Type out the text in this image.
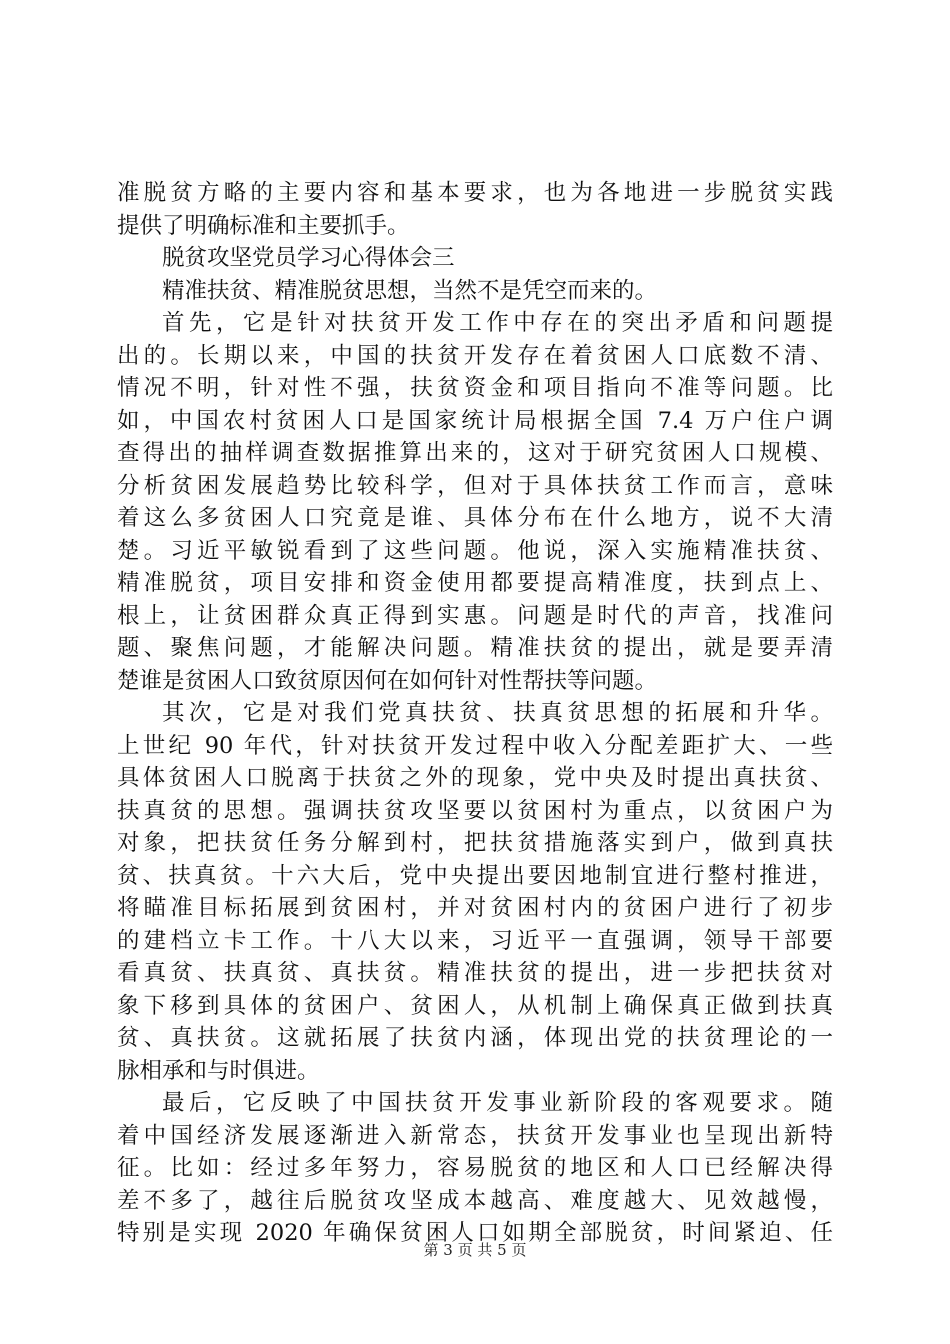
准脱贫方略的主要内容和基本要求，也为各地进一步脱贫实践
提供了明确标准和主要抓手。
脱贫攻坚党员学习心得体会三
精准扶贫、精准脱贫思想，当然不是凭空而来的。
首先，它是针对扶贫开发工作中存在的突出矛盾和问题提
出的。长期以来，中国的扶贫开发存在着贫困人口底数不清、
情况不明，针对性不强，扶贫资金和项目指向不准等问题。比
如，中国农村贫困人口是国家统计局根据全国 7.4 万户住户调
查得出的抽样调查数据推算出来的，这对于研究贫困人口规模、
分析贫困发展趋势比较科学，但对于具体扶贫工作而言，意味
着这么多贫困人口究竟是谁、具体分布在什么地方，说不大清
楚。习近平敏锐看到了这些问题。他说，深入实施精准扶贫、
精准脱贫，项目安排和资金使用都要提高精准度，扶到点上、
根上，让贫困群众真正得到实惠。问题是时代的声音，找准问
题、聚焦问题，才能解决问题。精准扶贫的提出，就是要弄清
楚谁是贫困人口致贫原因何在如何针对性帮扶等问题。
其次，它是对我们党真扶贫、扶真贫思想的拓展和升华。
上世纪 90 年代，针对扶贫开发过程中收入分配差距扩大、一些
具体贫困人口脱离于扶贫之外的现象，党中央及时提出真扶贫、
扶真贫的思想。强调扶贫攻坚要以贫困村为重点，以贫困户为
对象，把扶贫任务分解到村，把扶贫措施落实到户，做到真扶
贫、扶真贫。十六大后，党中央提出要因地制宜进行整村推进，
将瞄准目标拓展到贫困村，并对贫困村内的贫困户进行了初步
的建档立卡工作。十八大以来，习近平一直强调，领导干部要
看真贫、扶真贫、真扶贫。精准扶贫的提出，进一步把扶贫对
象下移到具体的贫困户、贫困人，从机制上确保真正做到扶真
贫、真扶贫。这就拓展了扶贫内涵，体现出党的扶贫理论的一
脉相承和与时俱进。
最后，它反映了中国扶贫开发事业新阶段的客观要求。随
着中国经济发展逐渐进入新常态，扶贫开发事业也呈现出新特
征。比如：经过多年努力，容易脱贫的地区和人口已经解决得
差不多了，越往后脱贫攻坚成本越高、难度越大、见效越慢，
特别是实现 2020 年确保贫困人口如期全部脱贫，时间紧迫、任
第 3 页 共 5 页
